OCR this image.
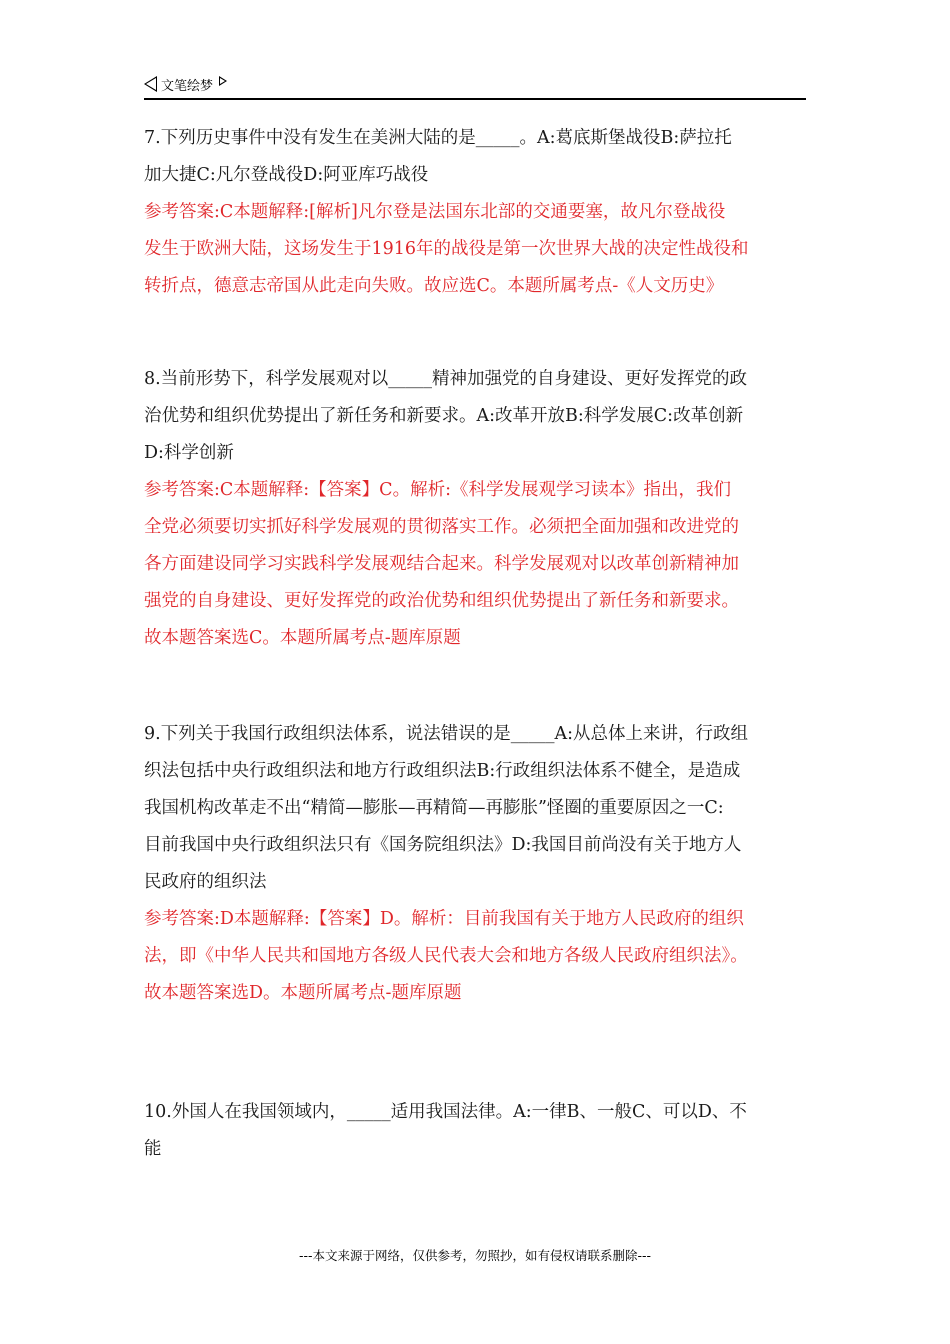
文笔绘梦

7.下列历史事件中没有发生在美洲大陆的是_____。A:葛底斯堡战役B:萨拉托

加大捷C:凡尔登战役D:阿亚库巧战役

参考答案:C本题解释:[解析]凡尔登是法国东北部的交通要塞，故凡尔登战役

发生于欧洲大陆，这场发生于1916年的战役是第一次世界大战的决定性战役和

转折点，德意志帝国从此走向失败。故应选C。本题所属考点-《人文历史》

8.当前形势下，科学发展观对以_____精神加强党的自身建设、更好发挥党的政

治优势和组织优势提出了新任务和新要求。A:改革开放B:科学发展C:改革创新

D:科学创新

参考答案:C本题解释:【答案】C。解析:《科学发展观学习读本》指出，我们

全党必须要切实抓好科学发展观的贯彻落实工作。必须把全面加强和改进党的

各方面建设同学习实践科学发展观结合起来。科学发展观对以改革创新精神加

强党的自身建设、更好发挥党的政治优势和组织优势提出了新任务和新要求。

故本题答案选C。本题所属考点-题库原题

9.下列关于我国行政组织法体系，说法错误的是_____A:从总体上来讲，行政组

织法包括中央行政组织法和地方行政组织法B:行政组织法体系不健全，是造成

我国机构改革走不出“精简—膨胀—再精简—再膨胀”怪圈的重要原因之一C:

目前我国中央行政组织法只有《国务院组织法》D:我国目前尚没有关于地方人

民政府的组织法

参考答案:D本题解释:【答案】D。解析：目前我国有关于地方人民政府的组织

法，即《中华人民共和国地方各级人民代表大会和地方各级人民政府组织法》。

故本题答案选D。本题所属考点-题库原题

10.外国人在我国领域内，_____适用我国法律。A:一律B、一般C、可以D、不

能

---本文来源于网络，仅供参考，勿照抄，如有侵权请联系删除---
